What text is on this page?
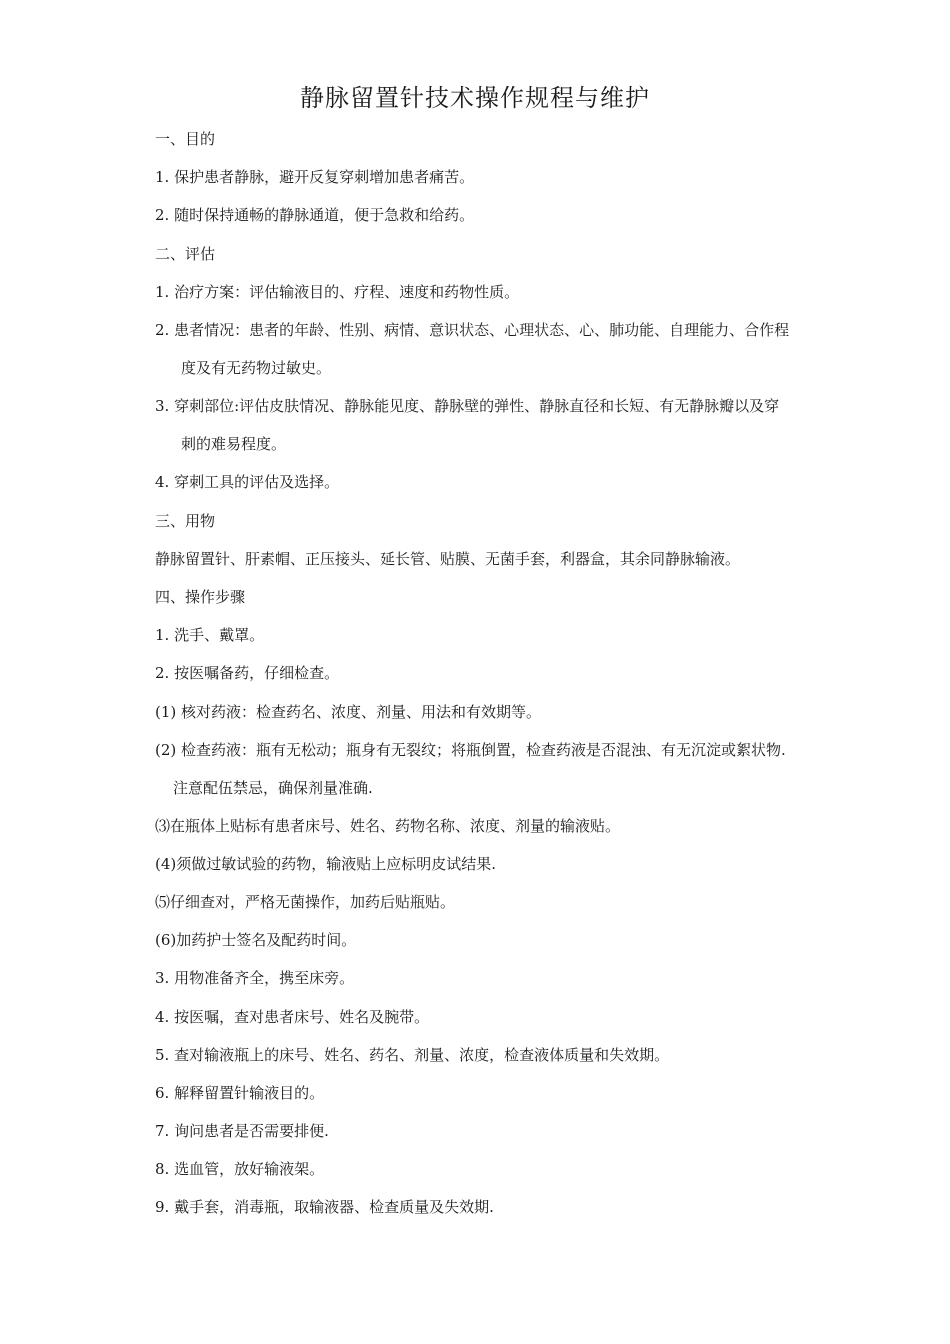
静脉留置针技术操作规程与维护
一、目的
1. 保护患者静脉，避开反复穿刺增加患者痛苦。
2. 随时保持通畅的静脉通道，便于急救和给药。
二、评估
1. 治疗方案：评估输液目的、疗程、速度和药物性质。
2. 患者情况：患者的年龄、性别、病情、意识状态、心理状态、心、肺功能、自理能力、合作程
度及有无药物过敏史。
3. 穿刺部位:评估皮肤情况、静脉能见度、静脉壁的弹性、静脉直径和长短、有无静脉瓣以及穿
刺的难易程度。
4. 穿刺工具的评估及选择。
三、用物
静脉留置针、肝素帽、正压接头、延长管、贴膜、无菌手套，利器盒，其余同静脉输液。
四、操作步骤
1. 洗手、戴罩。
2. 按医嘱备药，仔细检查。
(1) 核对药液：检查药名、浓度、剂量、用法和有效期等。
(2) 检查药液：瓶有无松动；瓶身有无裂纹；将瓶倒置，检查药液是否混浊、有无沉淀或絮状物.
注意配伍禁忌，确保剂量准确.
⑶在瓶体上贴标有患者床号、姓名、药物名称、浓度、剂量的输液贴。
(4)须做过敏试验的药物，输液贴上应标明皮试结果.
⑸仔细查对，严格无菌操作，加药后贴瓶贴。
(6)加药护士签名及配药时间。
3. 用物准备齐全，携至床旁。
4. 按医嘱，查对患者床号、姓名及腕带。
5. 查对输液瓶上的床号、姓名、药名、剂量、浓度，检查液体质量和失效期。
6. 解释留置针输液目的。
7. 询问患者是否需要排便.
8. 选血管，放好输液架。
9. 戴手套，消毒瓶，取输液器、检查质量及失效期.
